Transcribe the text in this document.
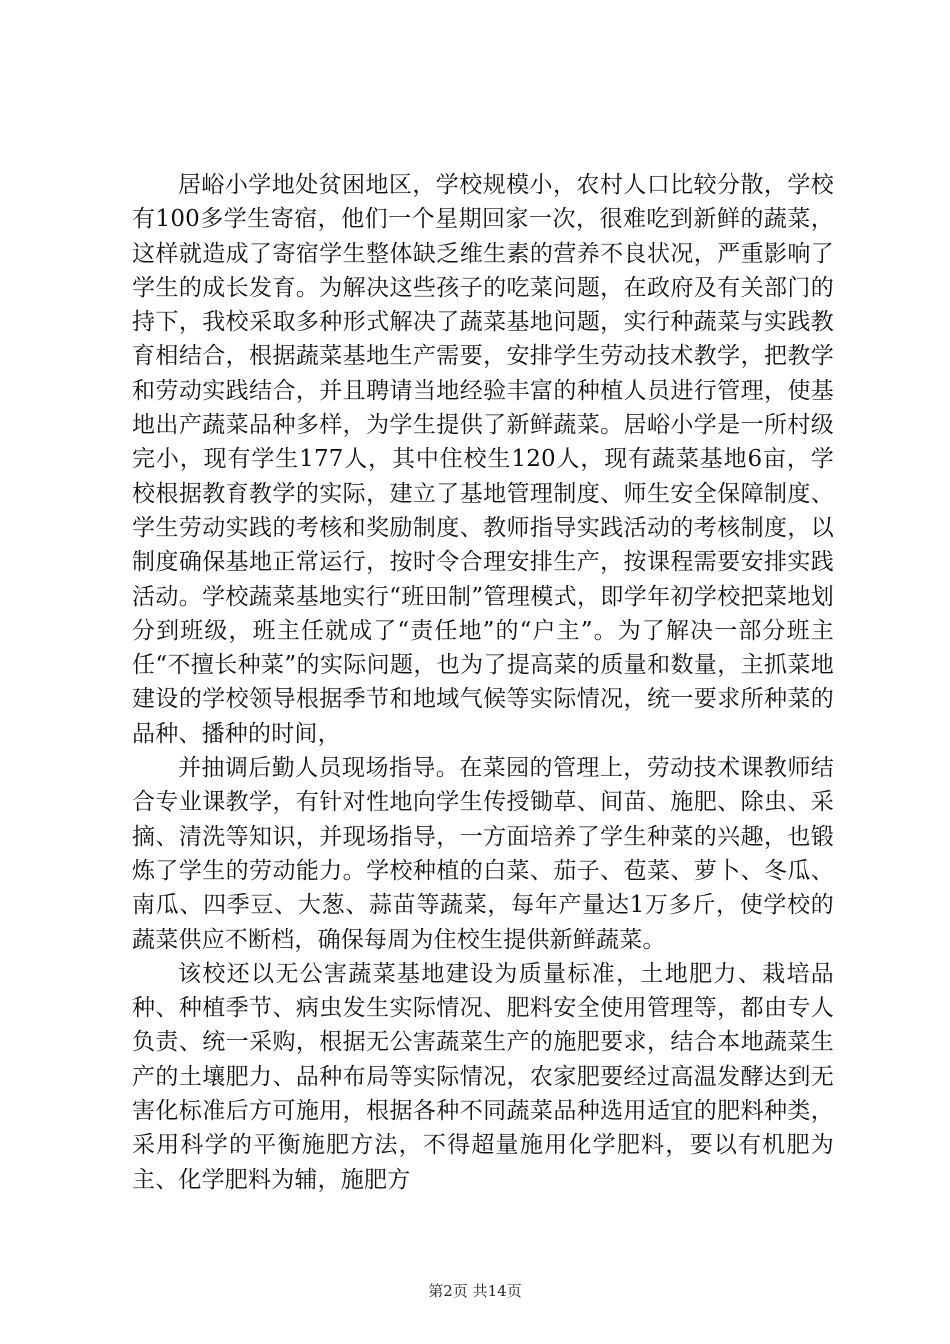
居峪小学地处贫困地区，学校规模小，农村人口比较分散，学校有100多学生寄宿，他们一个星期回家一次，很难吃到新鲜的蔬菜，这样就造成了寄宿学生整体缺乏维生素的营养不良状况，严重影响了学生的成长发育。为解决这些孩子的吃菜问题，在政府及有关部门的持下，我校采取多种形式解决了蔬菜基地问题，实行种蔬菜与实践教育相结合，根据蔬菜基地生产需要，安排学生劳动技术教学，把教学和劳动实践结合，并且聘请当地经验丰富的种植人员进行管理，使基地出产蔬菜品种多样，为学生提供了新鲜蔬菜。居峪小学是一所村级完小，现有学生177人，其中住校生120人，现有蔬菜基地6亩，学校根据教育教学的实际，建立了基地管理制度、师生安全保障制度、学生劳动实践的考核和奖励制度、教师指导实践活动的考核制度，以制度确保基地正常运行，按时令合理安排生产，按课程需要安排实践活动。学校蔬菜基地实行“班田制”管理模式，即学年初学校把菜地划分到班级，班主任就成了“责任地”的“户主”。为了解决一部分班主任“不擅长种菜”的实际问题，也为了提高菜的质量和数量，主抓菜地建设的学校领导根据季节和地域气候等实际情况，统一要求所种菜的品种、播种的时间，

并抽调后勤人员现场指导。在菜园的管理上，劳动技术课教师结合专业课教学，有针对性地向学生传授锄草、间苗、施肥、除虫、采摘、清洗等知识，并现场指导，一方面培养了学生种菜的兴趣，也锻炼了学生的劳动能力。学校种植的白菜、茄子、苞菜、萝卜、冬瓜、南瓜、四季豆、大葱、蒜苗等蔬菜，每年产量达1万多斤，使学校的蔬菜供应不断档，确保每周为住校生提供新鲜蔬菜。

该校还以无公害蔬菜基地建设为质量标准，土地肥力、栽培品种、种植季节、病虫发生实际情况、肥料安全使用管理等，都由专人负责、统一采购，根据无公害蔬菜生产的施肥要求，结合本地蔬菜生产的土壤肥力、品种布局等实际情况，农家肥要经过高温发酵达到无害化标准后方可施用，根据各种不同蔬菜品种选用适宜的肥料种类，采用科学的平衡施肥方法，不得超量施用化学肥料，要以有机肥为主、化学肥料为辅，施肥方

第2页 共14页
